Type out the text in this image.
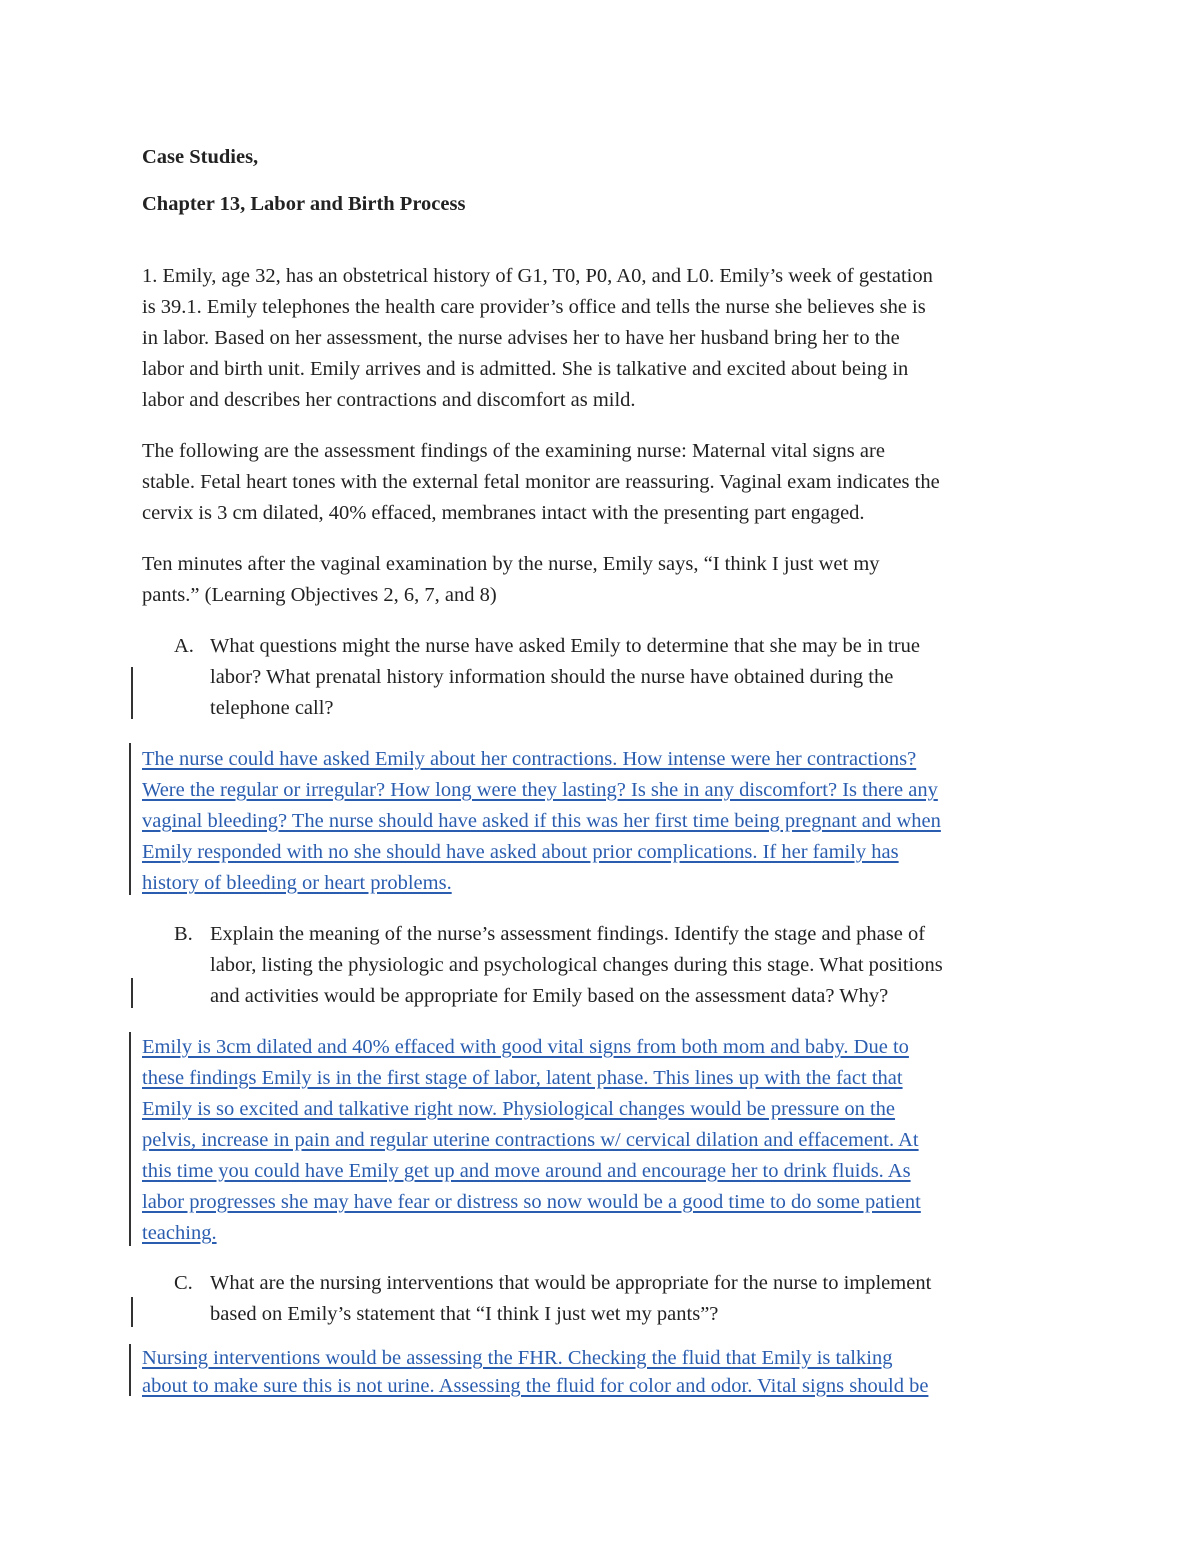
Case Studies,
Chapter 13, Labor and Birth Process
1. Emily, age 32, has an obstetrical history of G1, T0, P0, A0, and L0. Emily’s week of gestation
is 39.1. Emily telephones the health care provider’s office and tells the nurse she believes she is
in labor. Based on her assessment, the nurse advises her to have her husband bring her to the
labor and birth unit. Emily arrives and is admitted. She is talkative and excited about being in
labor and describes her contractions and discomfort as mild.
The following are the assessment findings of the examining nurse: Maternal vital signs are
stable. Fetal heart tones with the external fetal monitor are reassuring. Vaginal exam indicates the
cervix is 3 cm dilated, 40% effaced, membranes intact with the presenting part engaged.
Ten minutes after the vaginal examination by the nurse, Emily says, “I think I just wet my
pants.” (Learning Objectives 2, 6, 7, and 8)
A. What questions might the nurse have asked Emily to determine that she may be in true
labor? What prenatal history information should the nurse have obtained during the
telephone call?
The nurse could have asked Emily about her contractions. How intense were her contractions?
Were the regular or irregular? How long were they lasting? Is she in any discomfort? Is there any
vaginal bleeding? The nurse should have asked if this was her first time being pregnant and when
Emily responded with no she should have asked about prior complications. If her family has
history of bleeding or heart problems.
B. Explain the meaning of the nurse’s assessment findings. Identify the stage and phase of
labor, listing the physiologic and psychological changes during this stage. What positions
and activities would be appropriate for Emily based on the assessment data? Why?
Emily is 3cm dilated and 40% effaced with good vital signs from both mom and baby. Due to
these findings Emily is in the first stage of labor, latent phase. This lines up with the fact that
Emily is so excited and talkative right now. Physiological changes would be pressure on the
pelvis, increase in pain and regular uterine contractions w/ cervical dilation and effacement. At
this time you could have Emily get up and move around and encourage her to drink fluids. As
labor progresses she may have fear or distress so now would be a good time to do some patient
teaching.
C. What are the nursing interventions that would be appropriate for the nurse to implement
based on Emily’s statement that “I think I just wet my pants”?
Nursing interventions would be assessing the FHR. Checking the fluid that Emily is talking
about to make sure this is not urine. Assessing the fluid for color and odor. Vital signs should be
